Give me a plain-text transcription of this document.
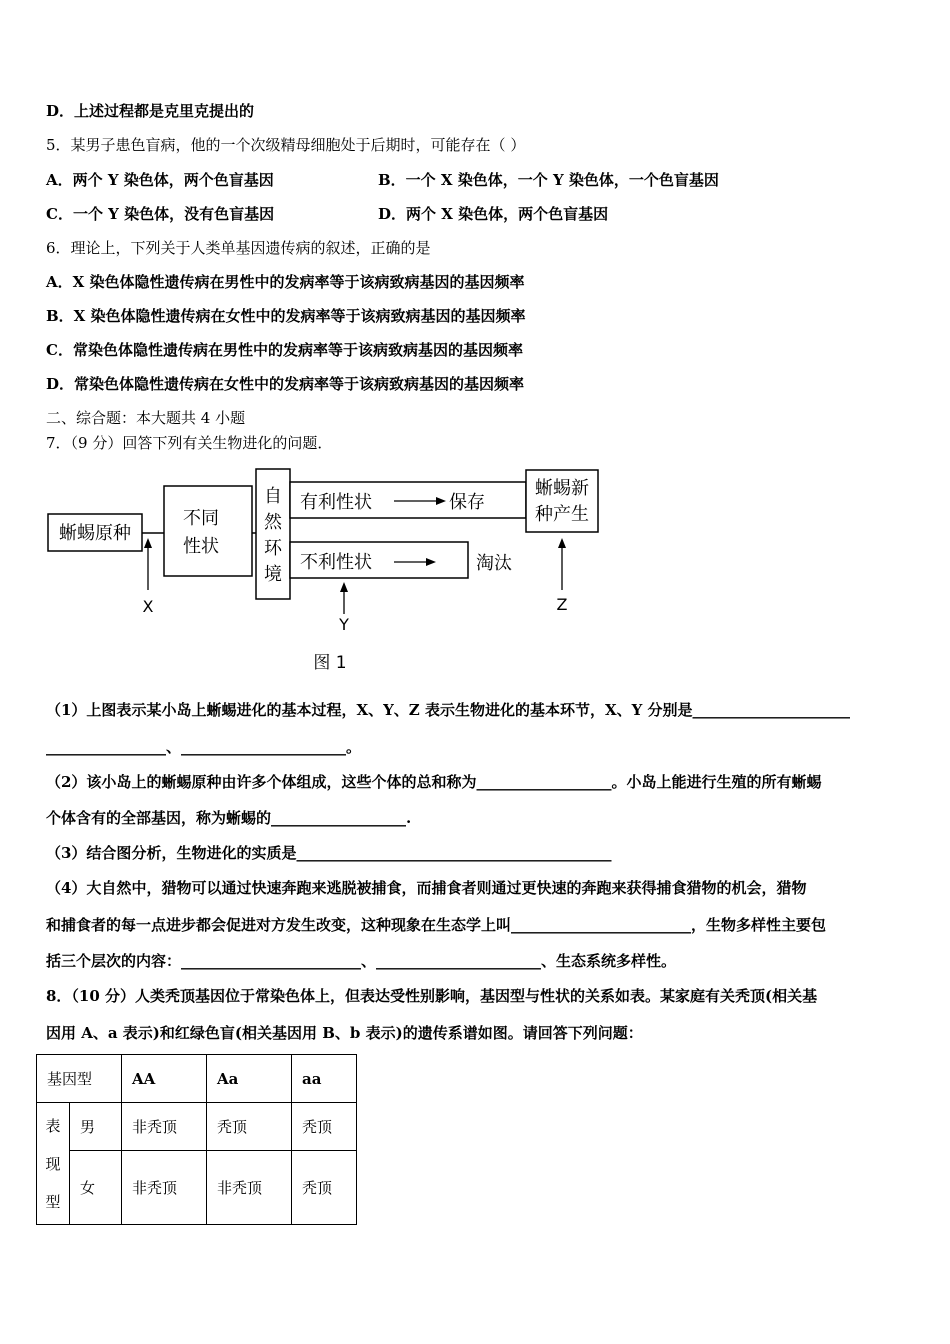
D．上述过程都是克里克提出的
5．某男子患色盲病，他的一个次级精母细胞处于后期时，可能存在（ ）
A．两个 Y 染色体，两个色盲基因	B．一个 X 染色体，一个 Y 染色体，一个色盲基因
C．一个 Y 染色体，没有色盲基因	D．两个 X 染色体，两个色盲基因
6．理论上，下列关于人类单基因遗传病的叙述，正确的是
A．X 染色体隐性遗传病在男性中的发病率等于该病致病基因的基因频率
B．X 染色体隐性遗传病在女性中的发病率等于该病致病基因的基因频率
C．常染色体隐性遗传病在男性中的发病率等于该病致病基因的基因频率
D．常染色体隐性遗传病在女性中的发病率等于该病致病基因的基因频率
二、综合题：本大题共 4 小题
7．（9 分）回答下列有关生物进化的问题．
蜥蜴原种
不同
性状
自
然
环
境
有利性状	保存
蜥蜴新
种产生
不利性状	淘汰
X
Y
Z
图 1
（1）上图表示某小岛上蜥蜴进化的基本过程，X、Y、Z 表示生物进化的基本环节，X、Y 分别是_____________________
________________、______________________。
（2）该小岛上的蜥蜴原种由许多个体组成，这些个体的总和称为__________________。小岛上能进行生殖的所有蜥蜴
个体含有的全部基因，称为蜥蜴的__________________.
（3）结合图分析，生物进化的实质是__________________________________________
（4）大自然中，猎物可以通过快速奔跑来逃脱被捕食，而捕食者则通过更快速的奔跑来获得捕食猎物的机会，猎物
和捕食者的每一点进步都会促进对方发生改变，这种现象在生态学上叫________________________，生物多样性主要包
括三个层次的内容：________________________、______________________、生态系统多样性。
8．（10 分）人类秃顶基因位于常染色体上，但表达受性别影响，基因型与性状的关系如表。某家庭有关秃顶(相关基
因用 A、a 表示)和红绿色盲(相关基因用 B、b 表示)的遗传系谱如图。请回答下列问题：
基因型		AA	Aa	aa

表
现
型	男	非秃顶	秃顶	秃顶
	女	非秃顶	非秃顶	秃顶
